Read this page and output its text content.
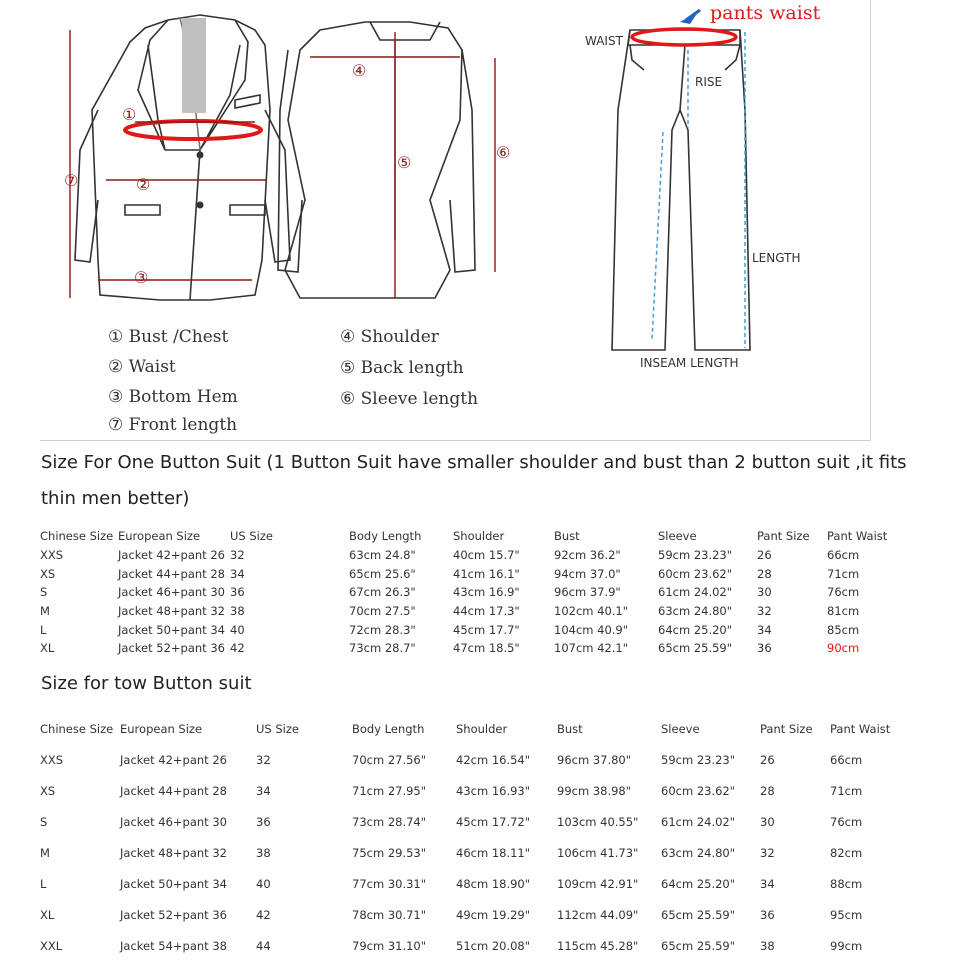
⑦
①
②
③
④
⑤
⑥
① Bust /Chest
② Waist
③ Bottom Hem
⑦ Front length
④ Shoulder
⑤ Back length
⑥ Sleeve length
pants waist
WAIST
RISE
LENGTH
INSEAM LENGTH
Size For One Button Suit (1 Button Suit have smaller shoulder and bust than 2 button suit ,it fits thin men better)
Chinese Size	European Size	US Size	Body Length	Shoulder	Bust	Sleeve	Pant Size	Pant Waist
XXS	Jacket 42+pant 26	32	63cm 24.8"	40cm 15.7"	92cm 36.2"	59cm 23.23"	26	66cm
XS	Jacket 44+pant 28	34	65cm 25.6"	41cm 16.1"	94cm 37.0"	60cm 23.62"	28	71cm
S	Jacket 46+pant 30	36	67cm 26.3"	43cm 16.9"	96cm 37.9"	61cm 24.02"	30	76cm
M	Jacket 48+pant 32	38	70cm 27.5"	44cm 17.3"	102cm 40.1"	63cm 24.80"	32	81cm
L	Jacket 50+pant 34	40	72cm 28.3"	45cm 17.7"	104cm 40.9"	64cm 25.20"	34	85cm
XL	Jacket 52+pant 36	42	73cm 28.7"	47cm 18.5"	107cm 42.1"	65cm 25.59"	36	90cm
Size for tow Button suit
Chinese Size	European Size	US Size	Body Length	Shoulder	Bust	Sleeve	Pant Size	Pant Waist
XXS	Jacket 42+pant 26	32	70cm 27.56"	42cm 16.54"	96cm 37.80"	59cm 23.23"	26	66cm
XS	Jacket 44+pant 28	34	71cm 27.95"	43cm 16.93"	99cm 38.98"	60cm 23.62"	28	71cm
S	Jacket 46+pant 30	36	73cm 28.74"	45cm 17.72"	103cm 40.55"	61cm 24.02"	30	76cm
M	Jacket 48+pant 32	38	75cm 29.53"	46cm 18.11"	106cm 41.73"	63cm 24.80"	32	82cm
L	Jacket 50+pant 34	40	77cm 30.31"	48cm 18.90"	109cm 42.91"	64cm 25.20"	34	88cm
XL	Jacket 52+pant 36	42	78cm 30.71"	49cm 19.29"	112cm 44.09"	65cm 25.59"	36	95cm
XXL	Jacket 54+pant 38	44	79cm 31.10"	51cm 20.08"	115cm 45.28"	65cm 25.59"	38	99cm
